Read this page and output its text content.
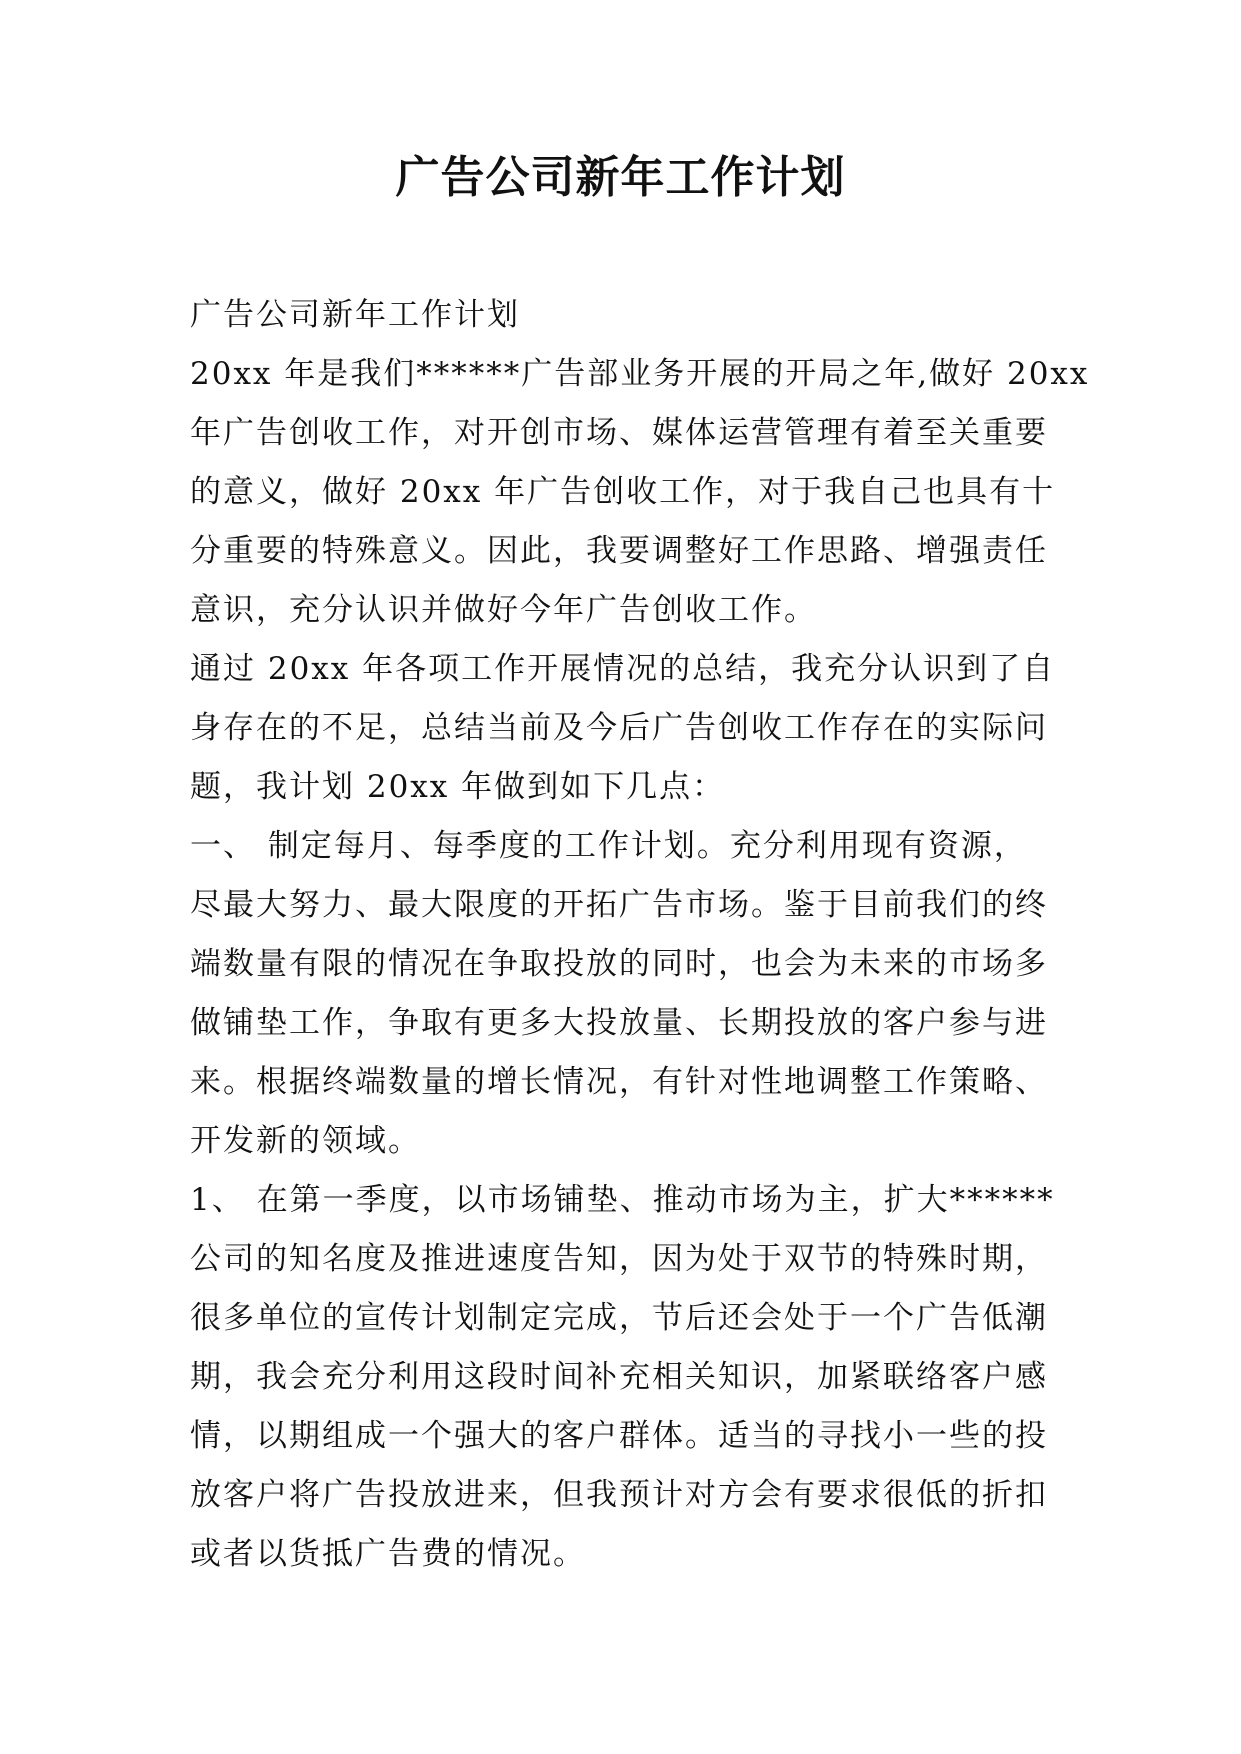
广告公司新年工作计划
广告公司新年工作计划
20xx 年是我们******广告部业务开展的开局之年,做好 20xx
年广告创收工作，对开创市场、媒体运营管理有着至关重要
的意义，做好 20xx 年广告创收工作，对于我自己也具有十
分重要的特殊意义。因此，我要调整好工作思路、增强责任
意识，充分认识并做好今年广告创收工作。
通过 20xx 年各项工作开展情况的总结，我充分认识到了自
身存在的不足，总结当前及今后广告创收工作存在的实际问
题，我计划 20xx 年做到如下几点：
一、 制定每月、每季度的工作计划。充分利用现有资源，
尽最大努力、最大限度的开拓广告市场。鉴于目前我们的终
端数量有限的情况在争取投放的同时，也会为未来的市场多
做铺垫工作，争取有更多大投放量、长期投放的客户参与进
来。根据终端数量的增长情况，有针对性地调整工作策略、
开发新的领域。
1、 在第一季度，以市场铺垫、推动市场为主，扩大******
公司的知名度及推进速度告知，因为处于双节的特殊时期，
很多单位的宣传计划制定完成，节后还会处于一个广告低潮
期，我会充分利用这段时间补充相关知识，加紧联络客户感
情，以期组成一个强大的客户群体。适当的寻找小一些的投
放客户将广告投放进来，但我预计对方会有要求很低的折扣
或者以货抵广告费的情况。
